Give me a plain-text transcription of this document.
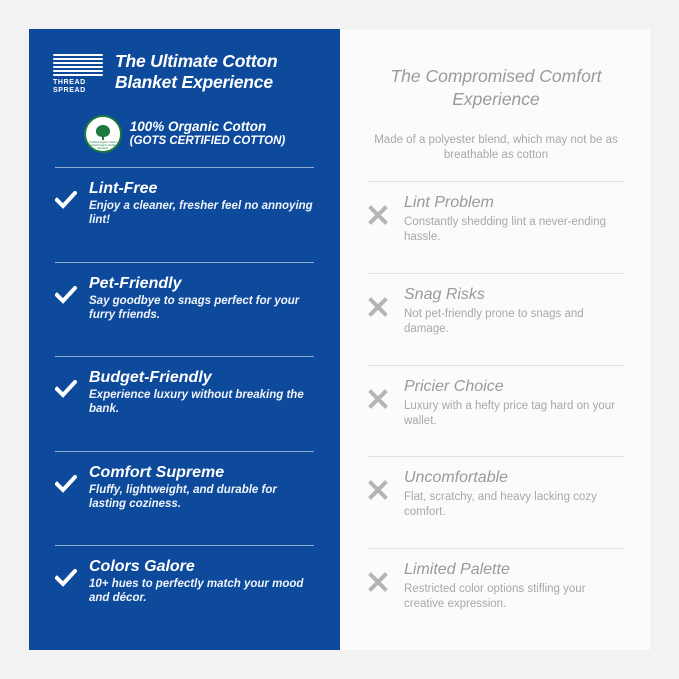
THREAD SPREAD
The Ultimate Cotton Blanket Experience
Certified Organic Cotton Global Organic Textile Standard
100% Organic Cotton
(GOTS CERTIFIED COTTON)
Lint-Free
Enjoy a cleaner, fresher feel no annoying lint!
Pet-Friendly
Say goodbye to snags perfect for your furry friends.
Budget-Friendly
Experience luxury without breaking the bank.
Comfort Supreme
Fluffy, lightweight, and durable for lasting coziness.
Colors Galore
10+ hues to perfectly match your mood and décor.
The Compromised Comfort Experience
Made of a polyester blend, which may not be as breathable as cotton
Lint Problem
Constantly shedding lint a never-ending hassle.
Snag Risks
Not pet-friendly prone to snags and damage.
Pricier Choice
Luxury with a hefty price tag hard on your wallet.
Uncomfortable
Flat, scratchy, and heavy lacking cozy comfort.
Limited Palette
Restricted color options stifling your creative expression.
